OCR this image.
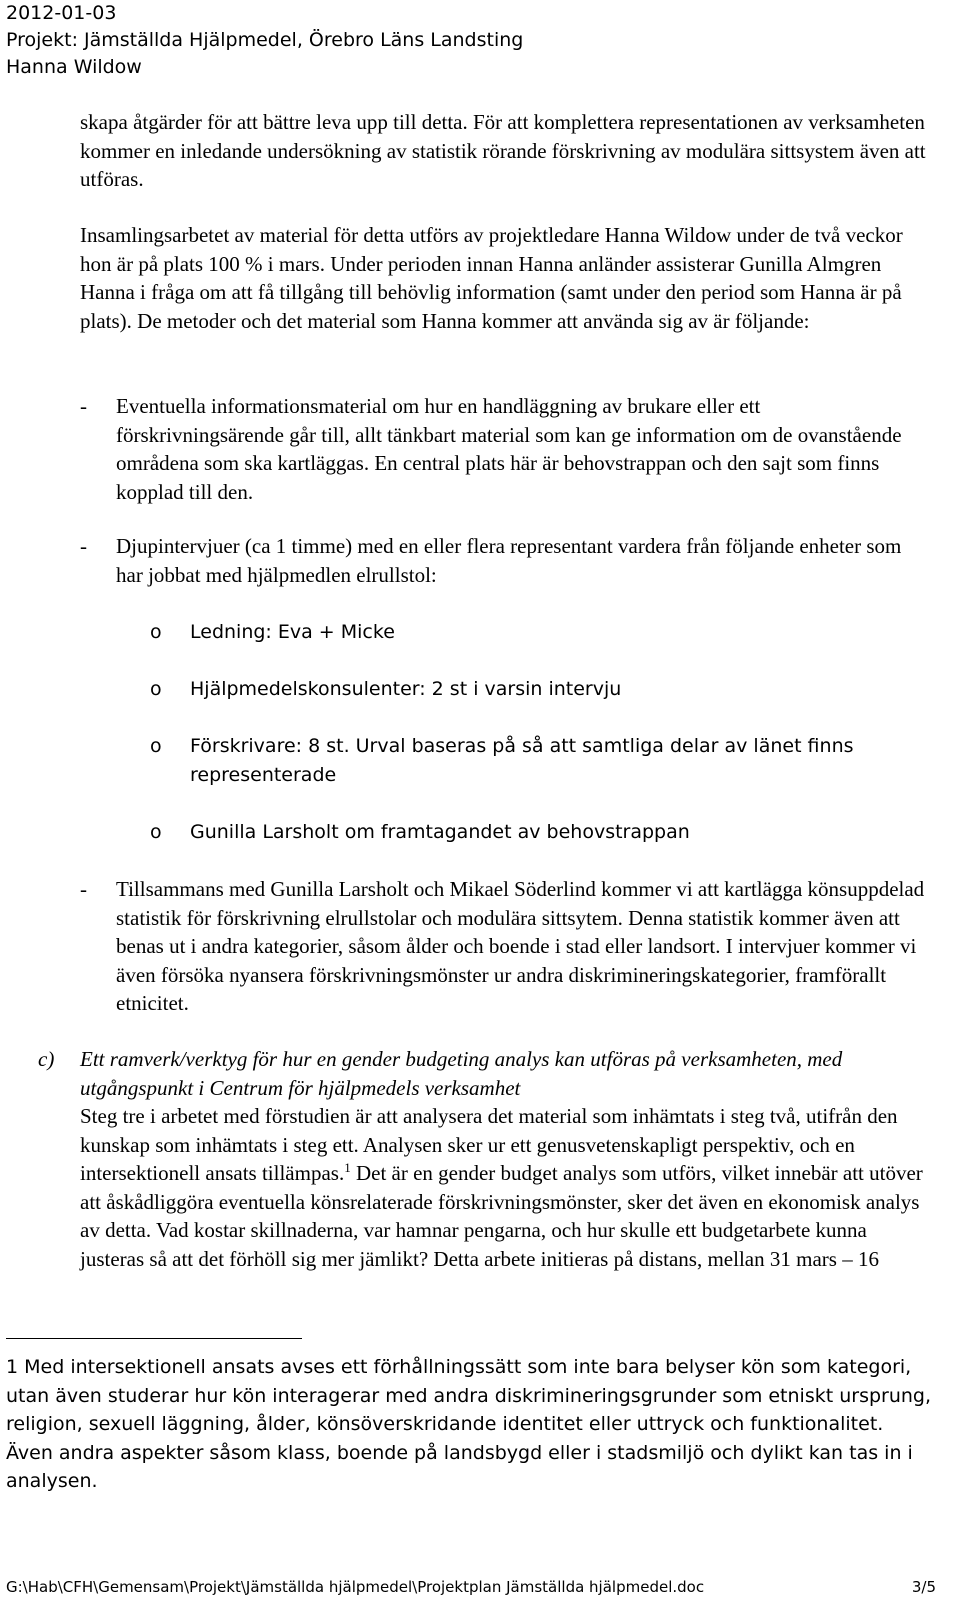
2012-01-03
Projekt: Jämställda Hjälpmedel, Örebro Läns Landsting
Hanna Wildow

skapa åtgärder för att bättre leva upp till detta. För att komplettera representationen av verksamheten kommer en inledande undersökning av statistik rörande förskrivning av modulära sittsystem även att utföras.

Insamlingsarbetet av material för detta utförs av projektledare Hanna Wildow under de två veckor hon är på plats 100 % i mars. Under perioden innan Hanna anländer assisterar Gunilla Almgren Hanna i fråga om att få tillgång till behövlig information (samt under den period som Hanna är på plats). De metoder och det material som Hanna kommer att använda sig av är följande:

- Eventuella informationsmaterial om hur en handläggning av brukare eller ett förskrivningsärende går till, allt tänkbart material som kan ge information om de ovanstående områdena som ska kartläggas. En central plats här är behovstrappan och den sajt som finns kopplad till den.

- Djupintervjuer (ca 1 timme) med en eller flera representant vardera från följande enheter som har jobbat med hjälpmedlen elrullstol:

o Ledning: Eva + Micke

o Hjälpmedelskonsulenter: 2 st i varsin intervju

o Förskrivare: 8 st. Urval baseras på så att samtliga delar av länet finns representerade

o Gunilla Larsholt om framtagandet av behovstrappan

- Tillsammans med Gunilla Larsholt och Mikael Söderlind kommer vi att kartlägga könsuppdelad statistik för förskrivning elrullstolar och modulära sittsytem. Denna statistik kommer även att benas ut i andra kategorier, såsom ålder och boende i stad eller landsort. I intervjuer kommer vi även försöka nyansera förskrivningsmönster ur andra diskrimineringskategorier, framförallt etnicitet.

c) Ett ramverk/verktyg för hur en gender budgeting analys kan utföras på verksamheten, med utgångspunkt i Centrum för hjälpmedels verksamhet

Steg tre i arbetet med förstudien är att analysera det material som inhämtats i steg två, utifrån den kunskap som inhämtats i steg ett. Analysen sker ur ett genusvetenskapligt perspektiv, och en intersektionell ansats tillämpas.$^1$ Det är en gender budget analys som utförs, vilket innebär att utöver att åskådliggöra eventuella könsrelaterade förskrivningsmönster, sker det även en ekonomisk analys av detta. Vad kostar skillnaderna, var hamnar pengarna, och hur skulle ett budgetarbete kunna justeras så att det förhöll sig mer jämlikt? Detta arbete initieras på distans, mellan 31 mars – 16

1 Med intersektionell ansats avses ett förhållningssätt som inte bara belyser kön som kategori, utan även studerar hur kön interagerar med andra diskrimineringsgrunder som etniskt ursprung, religion, sexuell läggning, ålder, könsöverskridande identitet eller uttryck och funktionalitet. Även andra aspekter såsom klass, boende på landsbygd eller i stadsmiljö och dylikt kan tas in i analysen.

G:\Hab\CFH\Gemensam\Projekt\Jämställda hjälpmedel\Projektplan Jämställda hjälpmedel.doc	3/5
